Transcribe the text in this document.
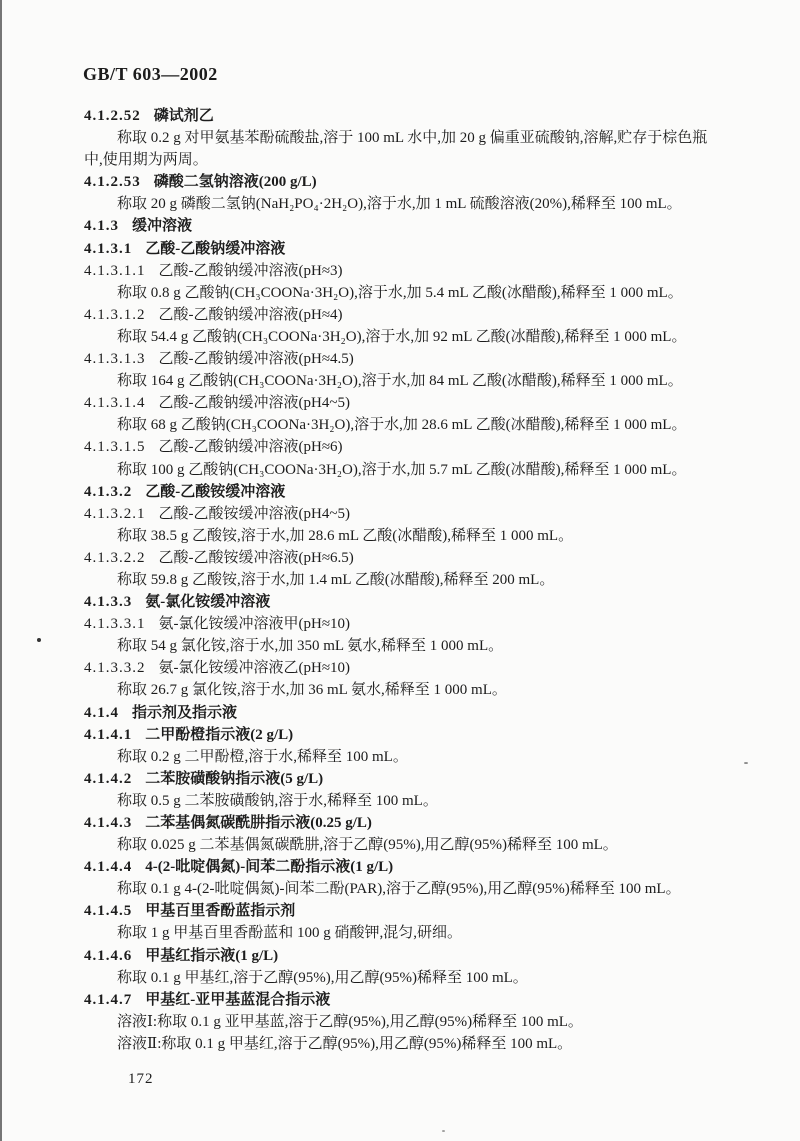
GB/T 603—2002
4.1.2.52 磷试剂乙
称取 0.2 g 对甲氨基苯酚硫酸盐,溶于 100 mL 水中,加 20 g 偏重亚硫酸钠,溶解,贮存于棕色瓶
中,使用期为两周。
4.1.2.53 磷酸二氢钠溶液(200 g/L)
称取 20 g 磷酸二氢钠(NaH₂PO₄·2H₂O),溶于水,加 1 mL 硫酸溶液(20%),稀释至 100 mL。
4.1.3 缓冲溶液
4.1.3.1 乙酸-乙酸钠缓冲溶液
4.1.3.1.1 乙酸-乙酸钠缓冲溶液(pH≈3)
称取 0.8 g 乙酸钠(CH₃COONa·3H₂O),溶于水,加 5.4 mL 乙酸(冰醋酸),稀释至 1 000 mL。
4.1.3.1.2 乙酸-乙酸钠缓冲溶液(pH≈4)
称取 54.4 g 乙酸钠(CH₃COONa·3H₂O),溶于水,加 92 mL 乙酸(冰醋酸),稀释至 1 000 mL。
4.1.3.1.3 乙酸-乙酸钠缓冲溶液(pH≈4.5)
称取 164 g 乙酸钠(CH₃COONa·3H₂O),溶于水,加 84 mL 乙酸(冰醋酸),稀释至 1 000 mL。
4.1.3.1.4 乙酸-乙酸钠缓冲溶液(pH4~5)
称取 68 g 乙酸钠(CH₃COONa·3H₂O),溶于水,加 28.6 mL 乙酸(冰醋酸),稀释至 1 000 mL。
4.1.3.1.5 乙酸-乙酸钠缓冲溶液(pH≈6)
称取 100 g 乙酸钠(CH₃COONa·3H₂O),溶于水,加 5.7 mL 乙酸(冰醋酸),稀释至 1 000 mL。
4.1.3.2 乙酸-乙酸铵缓冲溶液
4.1.3.2.1 乙酸-乙酸铵缓冲溶液(pH4~5)
称取 38.5 g 乙酸铵,溶于水,加 28.6 mL 乙酸(冰醋酸),稀释至 1 000 mL。
4.1.3.2.2 乙酸-乙酸铵缓冲溶液(pH≈6.5)
称取 59.8 g 乙酸铵,溶于水,加 1.4 mL 乙酸(冰醋酸),稀释至 200 mL。
4.1.3.3 氨-氯化铵缓冲溶液
4.1.3.3.1 氨-氯化铵缓冲溶液甲(pH≈10)
称取 54 g 氯化铵,溶于水,加 350 mL 氨水,稀释至 1 000 mL。
4.1.3.3.2 氨-氯化铵缓冲溶液乙(pH≈10)
称取 26.7 g 氯化铵,溶于水,加 36 mL 氨水,稀释至 1 000 mL。
4.1.4 指示剂及指示液
4.1.4.1 二甲酚橙指示液(2 g/L)
称取 0.2 g 二甲酚橙,溶于水,稀释至 100 mL。
4.1.4.2 二苯胺磺酸钠指示液(5 g/L)
称取 0.5 g 二苯胺磺酸钠,溶于水,稀释至 100 mL。
4.1.4.3 二苯基偶氮碳酰肼指示液(0.25 g/L)
称取 0.025 g 二苯基偶氮碳酰肼,溶于乙醇(95%),用乙醇(95%)稀释至 100 mL。
4.1.4.4 4-(2-吡啶偶氮)-间苯二酚指示液(1 g/L)
称取 0.1 g 4-(2-吡啶偶氮)-间苯二酚(PAR),溶于乙醇(95%),用乙醇(95%)稀释至 100 mL。
4.1.4.5 甲基百里香酚蓝指示剂
称取 1 g 甲基百里香酚蓝和 100 g 硝酸钾,混匀,研细。
4.1.4.6 甲基红指示液(1 g/L)
称取 0.1 g 甲基红,溶于乙醇(95%),用乙醇(95%)稀释至 100 mL。
4.1.4.7 甲基红-亚甲基蓝混合指示液
溶液Ⅰ:称取 0.1 g 亚甲基蓝,溶于乙醇(95%),用乙醇(95%)稀释至 100 mL。
溶液Ⅱ:称取 0.1 g 甲基红,溶于乙醇(95%),用乙醇(95%)稀释至 100 mL。
172
